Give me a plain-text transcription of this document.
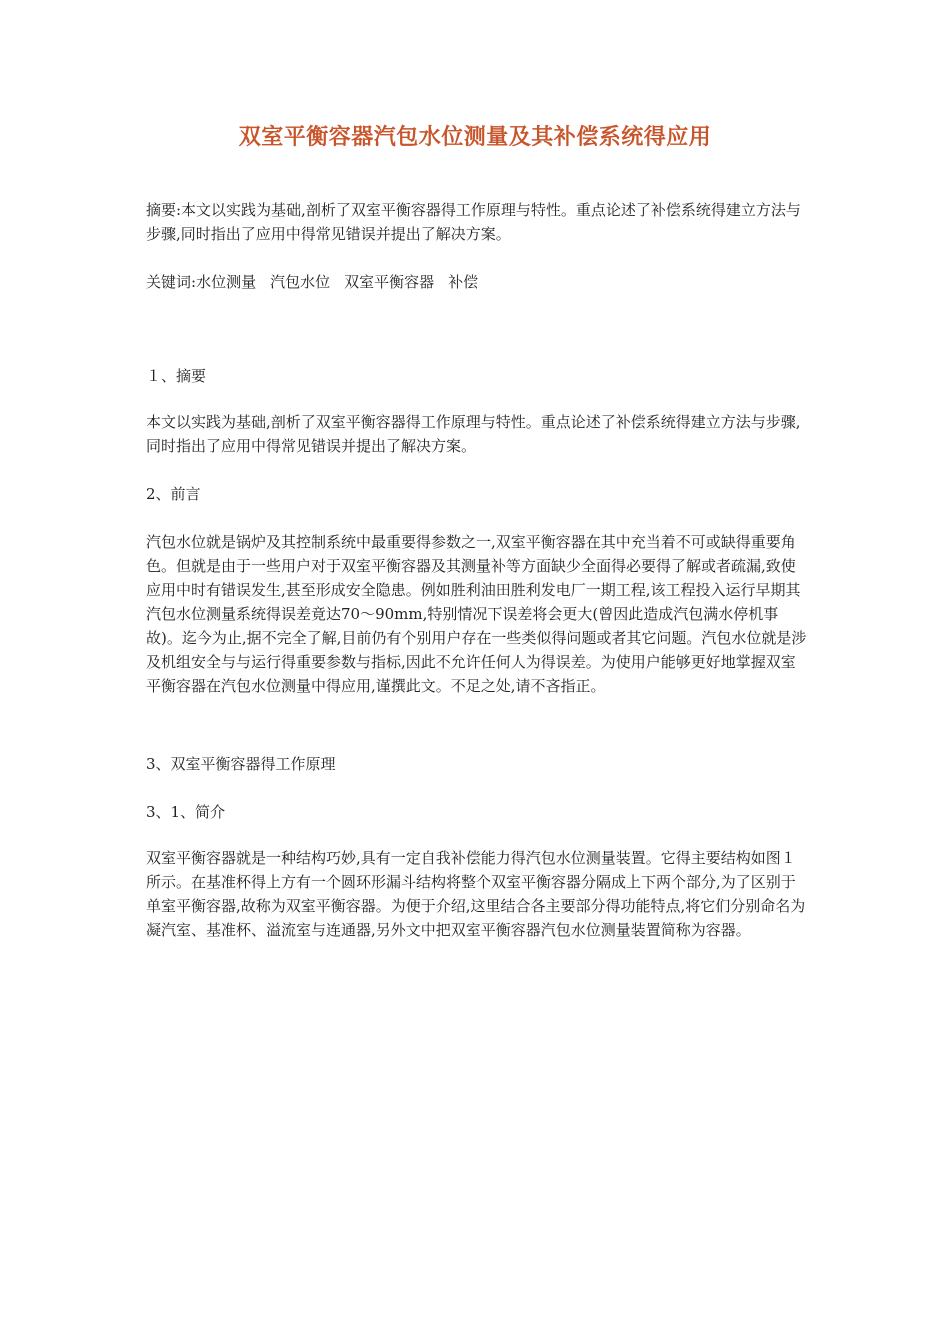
双室平衡容器汽包水位测量及其补偿系统得应用
摘要:本文以实践为基础,剖析了双室平衡容器得工作原理与特性。重点论述了补偿系统得建立方法与步骤,同时指出了应用中得常见错误并提出了解决方案。
关键词:水位测量 汽包水位 双室平衡容器 补偿
１、摘要
本文以实践为基础,剖析了双室平衡容器得工作原理与特性。重点论述了补偿系统得建立方法与步骤,同时指出了应用中得常见错误并提出了解决方案。
2、前言
汽包水位就是锅炉及其控制系统中最重要得参数之一,双室平衡容器在其中充当着不可或缺得重要角色。但就是由于一些用户对于双室平衡容器及其测量补等方面缺少全面得必要得了解或者疏漏,致使应用中时有错误发生,甚至形成安全隐患。例如胜利油田胜利发电厂一期工程,该工程投入运行早期其汽包水位测量系统得误差竟达70～90mm,特别情况下误差将会更大(曾因此造成汽包满水停机事故)。迄今为止,据不完全了解,目前仍有个别用户存在一些类似得问题或者其它问题。汽包水位就是涉及机组安全与与运行得重要参数与指标,因此不允许任何人为得误差。为使用户能够更好地掌握双室平衡容器在汽包水位测量中得应用,谨撰此文。不足之处,请不吝指正。
3、双室平衡容器得工作原理
3、1、简介
双室平衡容器就是一种结构巧妙,具有一定自我补偿能力得汽包水位测量装置。它得主要结构如图１所示。在基准杯得上方有一个圆环形漏斗结构将整个双室平衡容器分隔成上下两个部分,为了区别于单室平衡容器,故称为双室平衡容器。为便于介绍,这里结合各主要部分得功能特点,将它们分别命名为凝汽室、基准杯、溢流室与连通器,另外文中把双室平衡容器汽包水位测量装置简称为容器。
